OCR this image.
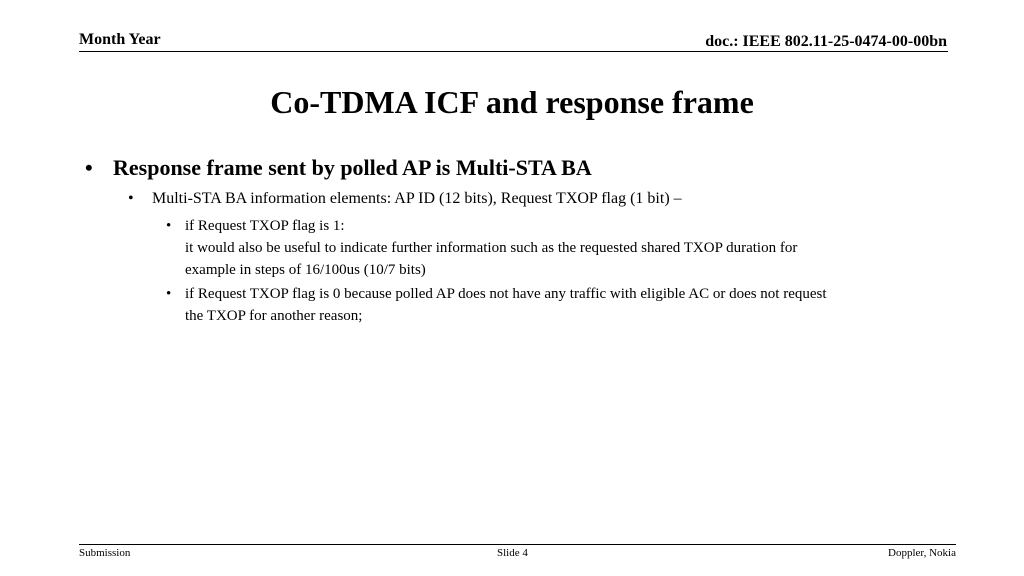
Month Year	doc.: IEEE 802.11-25-0474-00-00bn
Co-TDMA ICF and response frame
• Response frame sent by polled AP is Multi-STA BA
• Multi-STA BA information elements: AP ID (12 bits), Request TXOP flag (1 bit) –
• if Request TXOP flag is 1:
it would also be useful to indicate further information such as the requested shared TXOP duration for
example in steps of 16/100us (10/7 bits)
• if Request TXOP flag is 0 because polled AP does not have any traffic with eligible AC or does not request
the TXOP for another reason;
Submission	Slide 4	Doppler, Nokia
